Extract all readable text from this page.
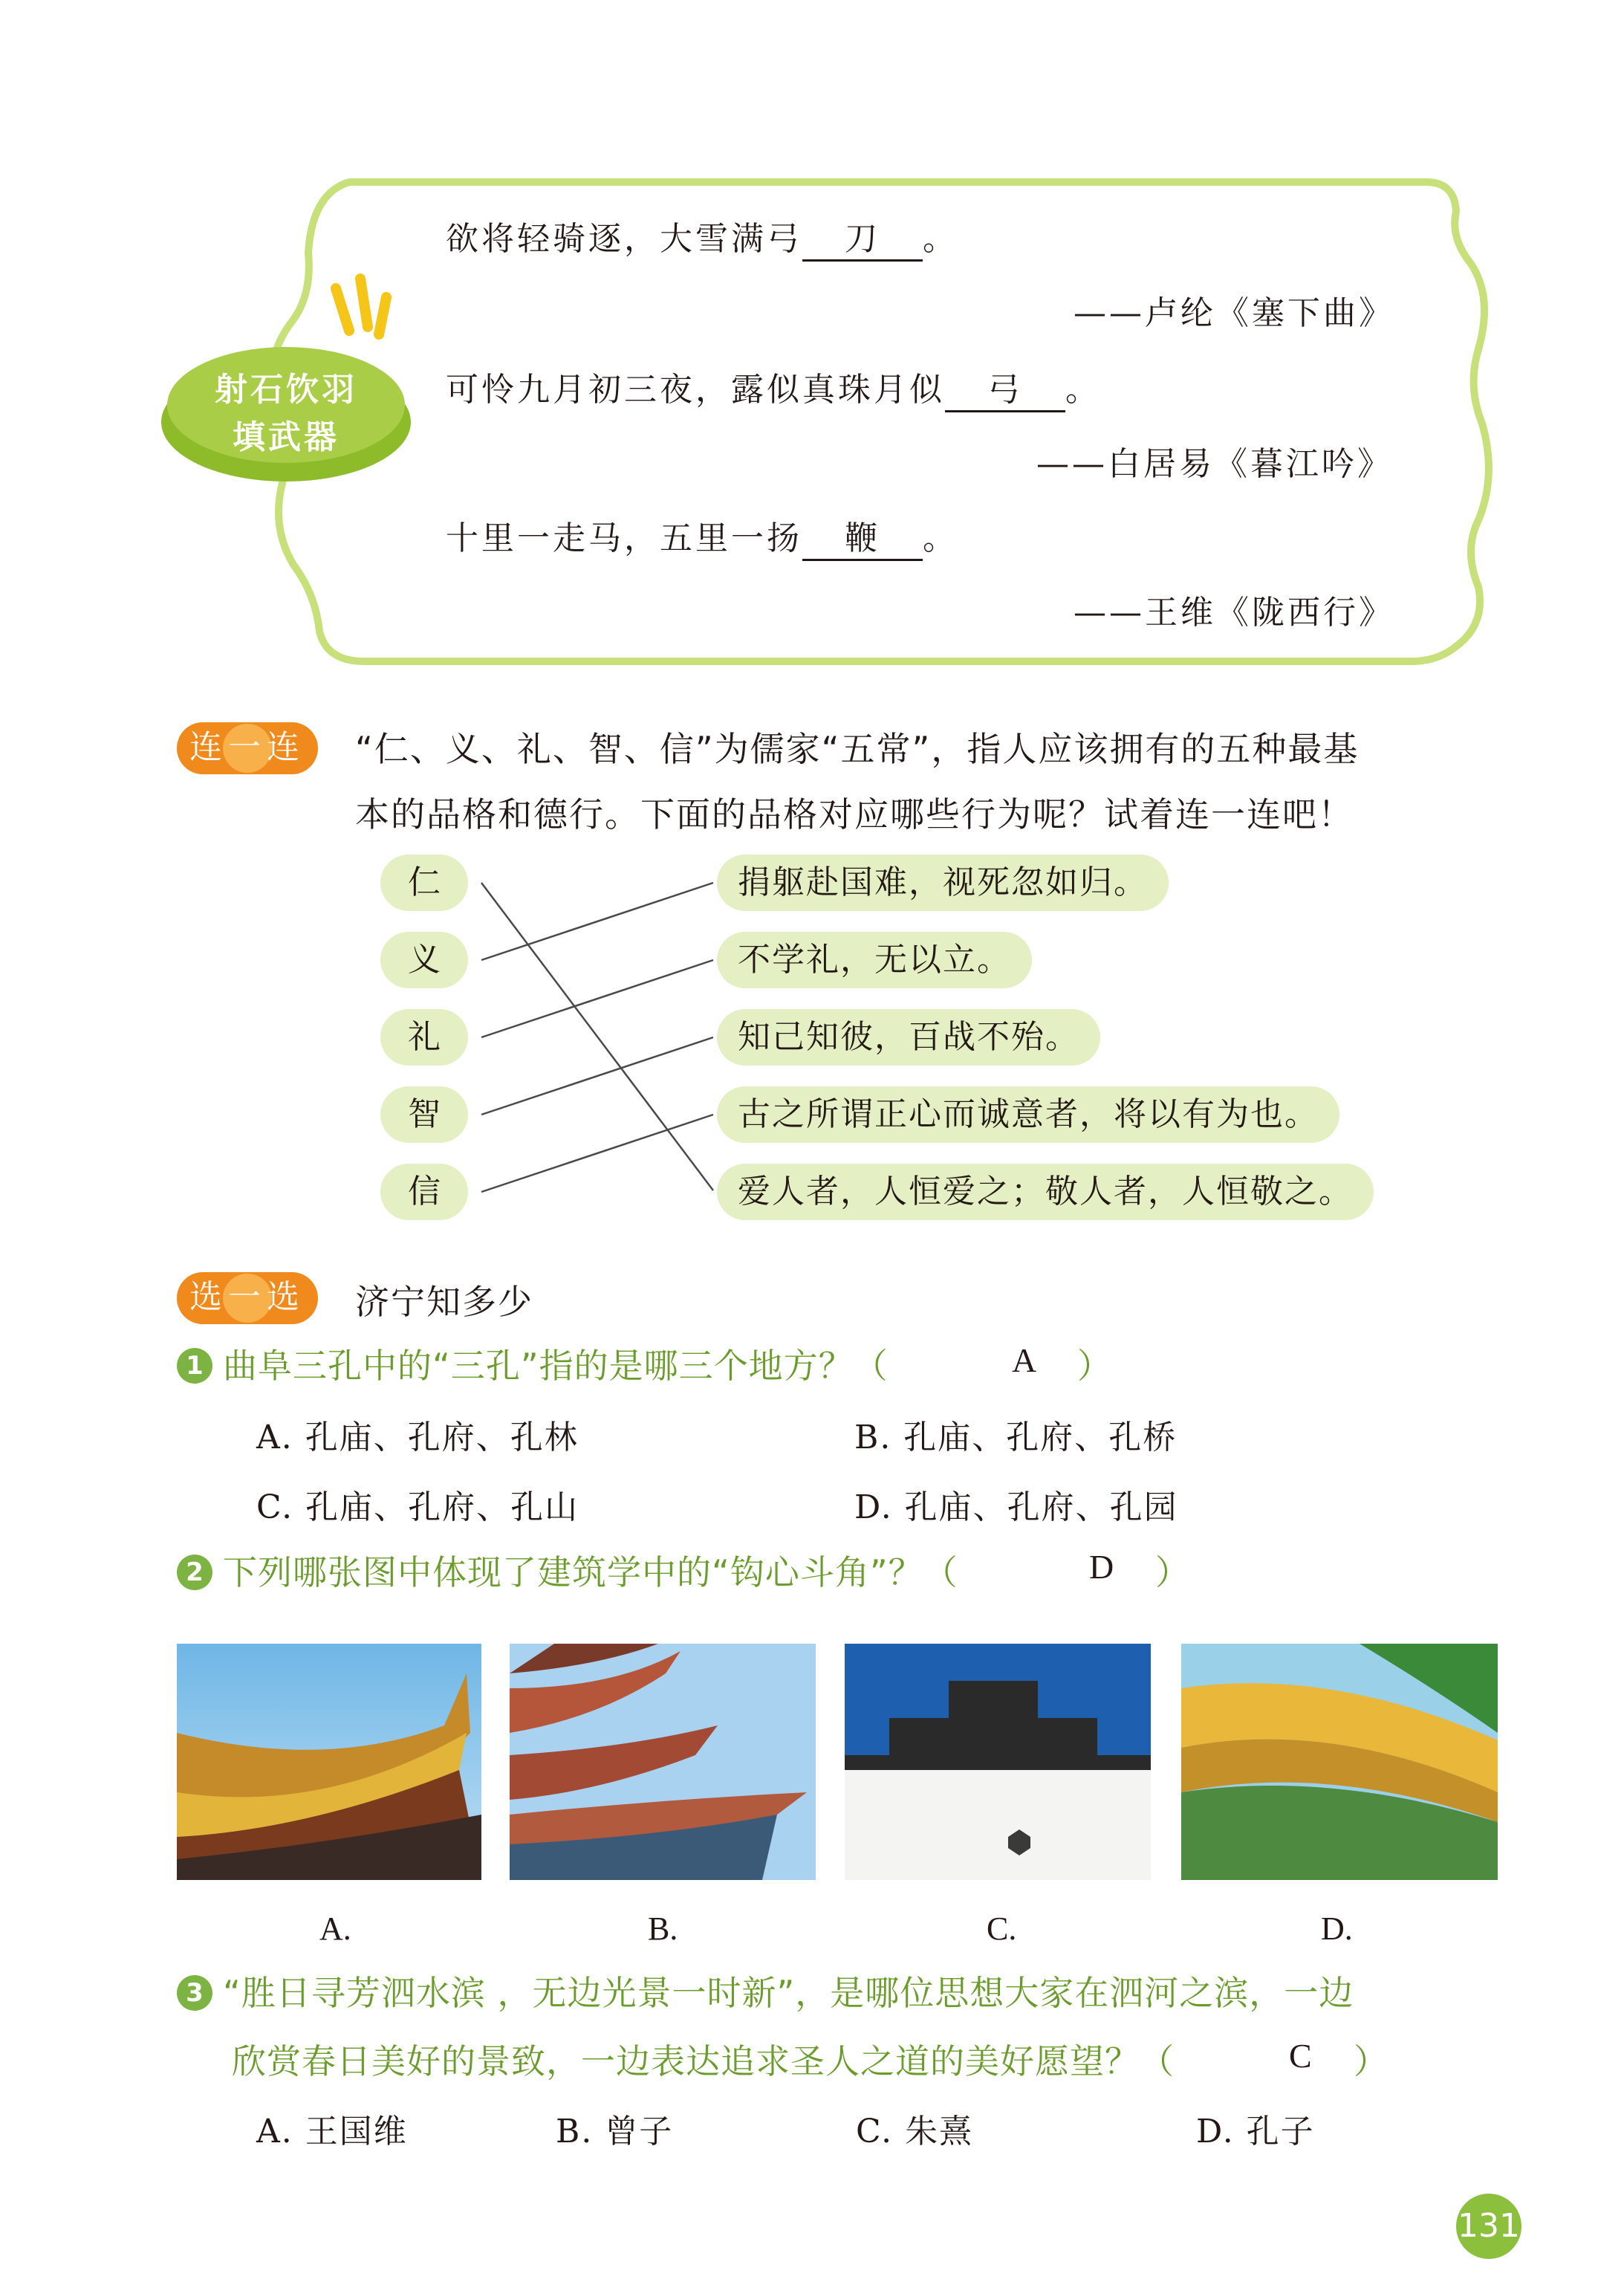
射石饮羽
填武器
欲将轻骑逐，大雪满弓 刀 。
——卢纶《塞下曲》
可怜九月初三夜，露似真珠月似 弓 。
——白居易《暮江吟》
十里一走马，五里一扬 鞭 。
——王维《陇西行》
连一连	“仁、义、礼、智、信”为儒家“五常”，指人应该拥有的五种最基
本的品格和德行。下面的品格对应哪些行为呢？试着连一连吧！
仁
义
礼
智
信
捐躯赴国难，视死忽如归。
不学礼，无以立。
知己知彼，百战不殆。
古之所谓正心而诚意者，将以有为也。
爱人者，人恒爱之；敬人者，人恒敬之。
选一选	济宁知多少
1 曲阜三孔中的“三孔”指的是哪三个地方？（	A ）
A. 孔庙、孔府、孔林	B. 孔庙、孔府、孔桥
C. 孔庙、孔府、孔山	D. 孔庙、孔府、孔园
2 下列哪张图中体现了建筑学中的“钩心斗角”？（	D ）
A.	B.	C.	D.
3 “胜日寻芳泗水滨 ，无边光景一时新”，是哪位思想大家在泗河之滨，一边
欣赏春日美好的景致，一边表达追求圣人之道的美好愿望？（	C ）
A. 王国维	B. 曾子	C. 朱熹	D. 孔子
131
